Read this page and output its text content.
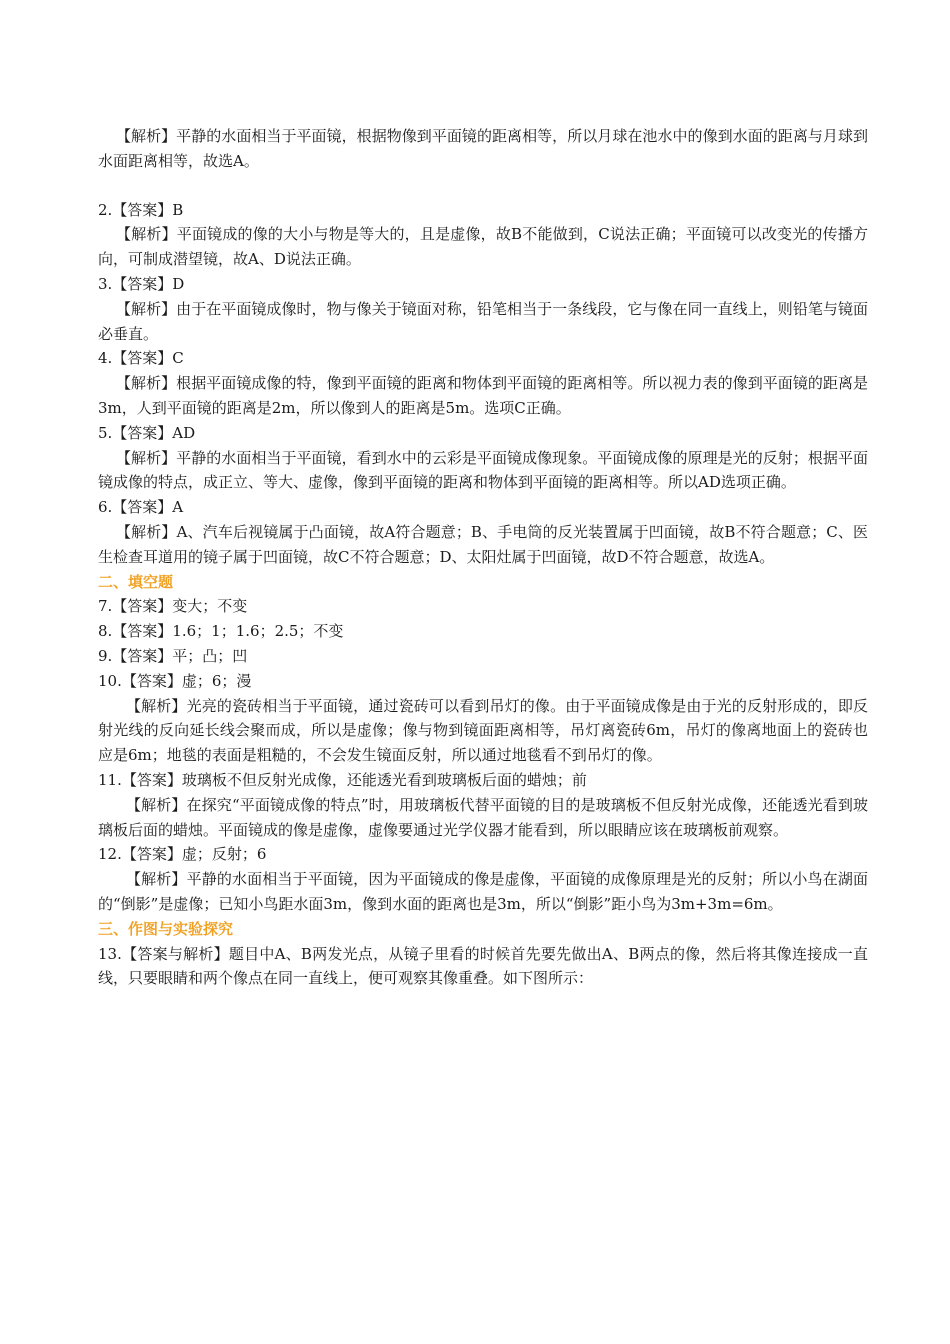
【解析】平静的水面相当于平面镜，根据物像到平面镜的距离相等，所以月球在池水中的像到水面的距离与月球到水面距离相等，故选A。

2.【答案】B

【解析】平面镜成的像的大小与物是等大的，且是虚像，故B不能做到，C说法正确；平面镜可以改变光的传播方向，可制成潜望镜，故A、D说法正确。

3.【答案】D

【解析】由于在平面镜成像时，物与像关于镜面对称，铅笔相当于一条线段，它与像在同一直线上，则铅笔与镜面必垂直。

4.【答案】C

【解析】根据平面镜成像的特，像到平面镜的距离和物体到平面镜的距离相等。所以视力表的像到平面镜的距离是3m，人到平面镜的距离是2m，所以像到人的距离是5m。选项C正确。

5.【答案】AD

【解析】平静的水面相当于平面镜，看到水中的云彩是平面镜成像现象。平面镜成像的原理是光的反射；根据平面镜成像的特点，成正立、等大、虚像，像到平面镜的距离和物体到平面镜的距离相等。所以AD选项正确。

6.【答案】A

【解析】A、汽车后视镜属于凸面镜，故A符合题意；B、手电筒的反光装置属于凹面镜，故B不符合题意；C、医生检查耳道用的镜子属于凹面镜，故C不符合题意；D、太阳灶属于凹面镜，故D不符合题意，故选A。

二、填空题

7.【答案】变大；不变

8.【答案】1.6；1；1.6；2.5；不变

9.【答案】平；凸；凹

10.【答案】虚；6；漫

【解析】光亮的瓷砖相当于平面镜，通过瓷砖可以看到吊灯的像。由于平面镜成像是由于光的反射形成的，即反射光线的反向延长线会聚而成，所以是虚像；像与物到镜面距离相等，吊灯离瓷砖6m，吊灯的像离地面上的瓷砖也应是6m；地毯的表面是粗糙的，不会发生镜面反射，所以通过地毯看不到吊灯的像。

11.【答案】玻璃板不但反射光成像，还能透光看到玻璃板后面的蜡烛；前

【解析】在探究“平面镜成像的特点”时，用玻璃板代替平面镜的目的是玻璃板不但反射光成像，还能透光看到玻璃板后面的蜡烛。平面镜成的像是虚像，虚像要通过光学仪器才能看到，所以眼睛应该在玻璃板前观察。

12.【答案】虚；反射；6

【解析】平静的水面相当于平面镜，因为平面镜成的像是虚像，平面镜的成像原理是光的反射；所以小鸟在湖面的“倒影”是虚像；已知小鸟距水面3m，像到水面的距离也是3m，所以“倒影”距小鸟为3m+3m=6m。

三、作图与实验探究

13.【答案与解析】题目中A、B两发光点，从镜子里看的时候首先要先做出A、B两点的像，然后将其像连接成一直线，只要眼睛和两个像点在同一直线上，便可观察其像重叠。如下图所示：
